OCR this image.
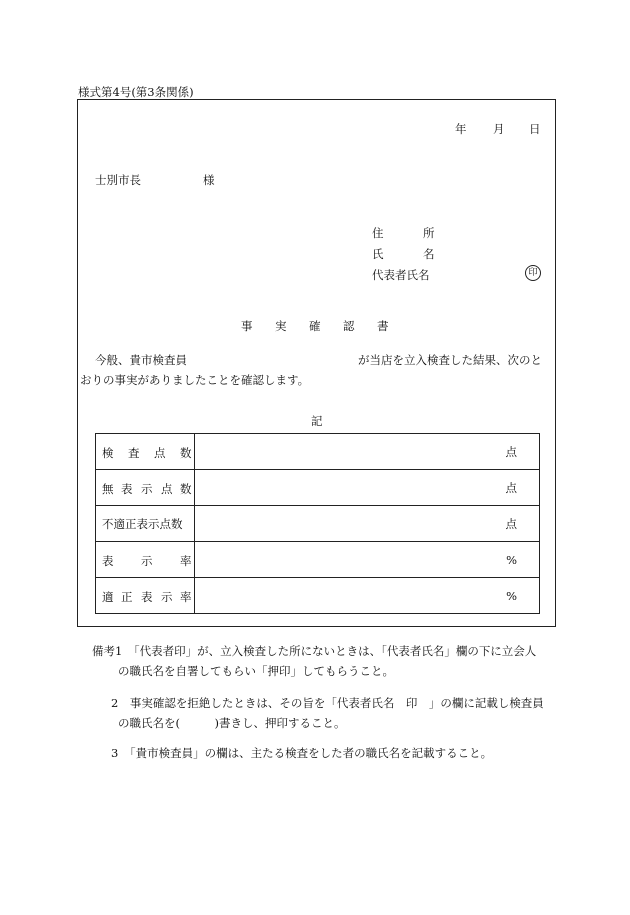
様式第4号(第3条関係)
年 月 日
士別市長	様
住	所
氏	名
代表者氏名	印
事 実 確 認 書
今般、貴市検査員	が当店を立入検査した結果、次のと
おりの事実がありましたことを確認します。
記
検 査 点 数	点

無 表 示 点 数	点
不適正表示点数	点

表 示 率	%

適 正 表 示 率	%
備考1　「代表者印」が、立入検査した所にないときは、「代表者氏名」欄の下に立会人
の職氏名を自署してもらい「押印」してもらうこと。
2　事実確認を拒絶したときは、その旨を「代表者氏名　印　」の欄に記載し検査員
の職氏名を(　　　)書きし、押印すること。
3　「貴市検査員」の欄は、主たる検査をした者の職氏名を記載すること。
